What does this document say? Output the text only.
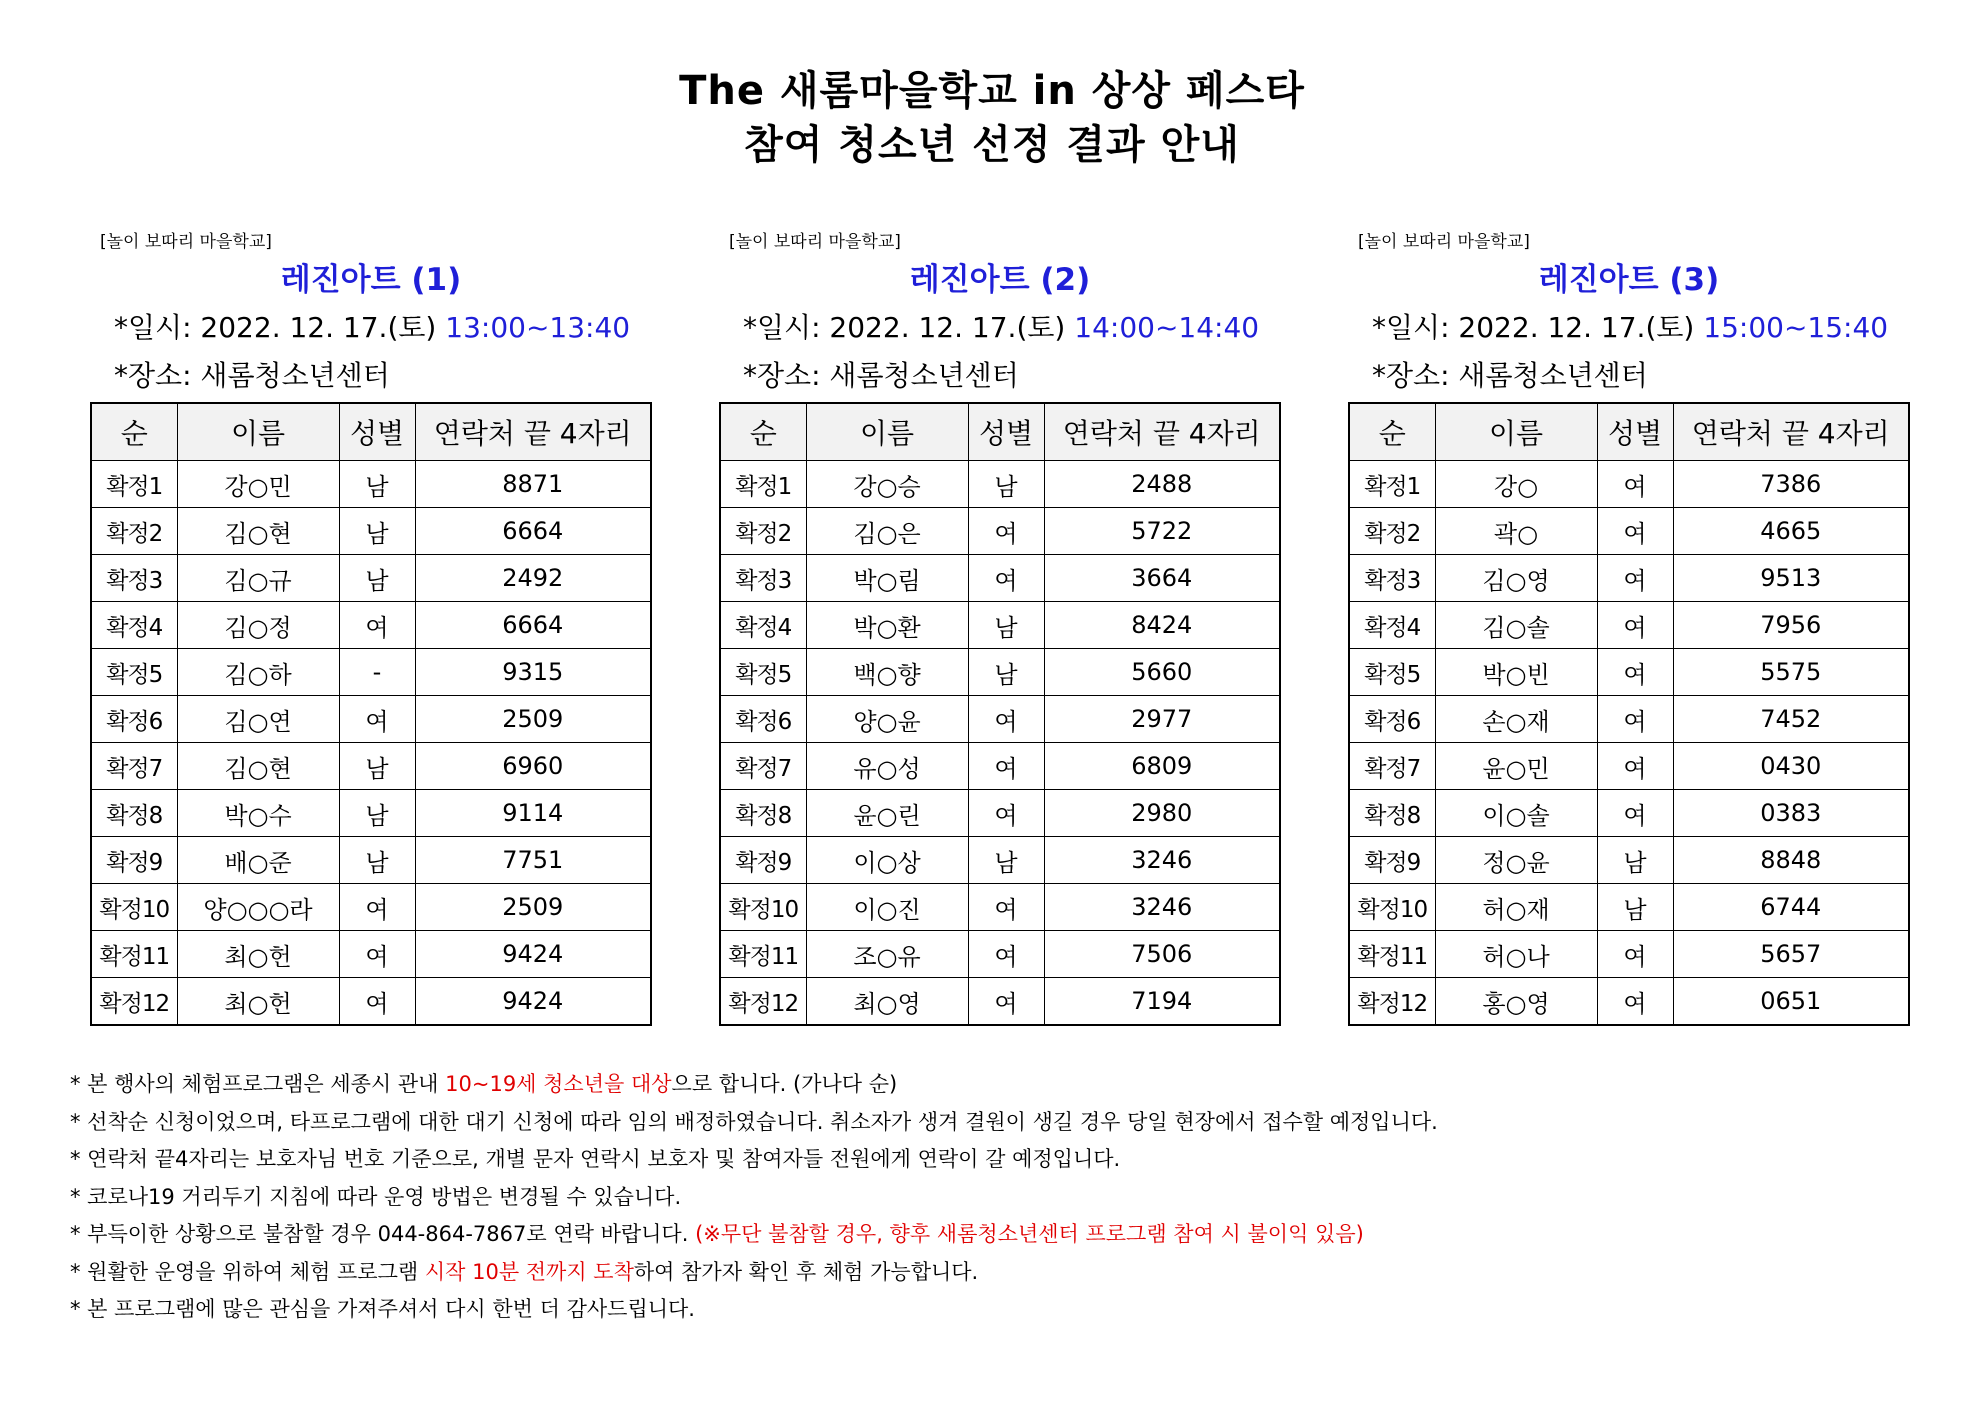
The 새롬마을학교 in 상상 페스타
참여 청소년 선정 결과 안내
[놀이 보따리 마을학교]
레진아트 (1)
*일시: 2022. 12. 17.(토) 13:00~13:40
*장소: 새롬청소년센터
순	이름	성별	연락처 끝 4자리
확정1	강○민	남	8871
확정2	김○현	남	6664
확정3	김○규	남	2492
확정4	김○정	여	6664
확정5	김○하	-	9315
확정6	김○연	여	2509
확정7	김○현	남	6960
확정8	박○수	남	9114
확정9	배○준	남	7751
확정10	양○○○라	여	2509
확정11	최○헌	여	9424
확정12	최○헌	여	9424
[놀이 보따리 마을학교]
레진아트 (2)
*일시: 2022. 12. 17.(토) 14:00~14:40
*장소: 새롬청소년센터
순	이름	성별	연락처 끝 4자리
확정1	강○승	남	2488
확정2	김○은	여	5722
확정3	박○림	여	3664
확정4	박○환	남	8424
확정5	백○향	남	5660
확정6	양○윤	여	2977
확정7	유○성	여	6809
확정8	윤○린	여	2980
확정9	이○상	남	3246
확정10	이○진	여	3246
확정11	조○유	여	7506
확정12	최○영	여	7194
[놀이 보따리 마을학교]
레진아트 (3)
*일시: 2022. 12. 17.(토) 15:00~15:40
*장소: 새롬청소년센터
순	이름	성별	연락처 끝 4자리
확정1	강○	여	7386
확정2	곽○	여	4665
확정3	김○영	여	9513
확정4	김○솔	여	7956
확정5	박○빈	여	5575
확정6	손○재	여	7452
확정7	윤○민	여	0430
확정8	이○솔	여	0383
확정9	정○윤	남	8848
확정10	허○재	남	6744
확정11	허○나	여	5657
확정12	홍○영	여	0651
* 본 행사의 체험프로그램은 세종시 관내 10~19세 청소년을 대상으로 합니다. (가나다 순)
* 선착순 신청이었으며, 타프로그램에 대한 대기 신청에 따라 임의 배정하였습니다. 취소자가 생겨 결원이 생길 경우 당일 현장에서 접수할 예정입니다.
* 연락처 끝4자리는 보호자님 번호 기준으로, 개별 문자 연락시 보호자 및 참여자들 전원에게 연락이 갈 예정입니다.
* 코로나19 거리두기 지침에 따라 운영 방법은 변경될 수 있습니다.
* 부득이한 상황으로 불참할 경우 044-864-7867로 연락 바랍니다. (※무단 불참할 경우, 향후 새롬청소년센터 프로그램 참여 시 불이익 있음)
* 원활한 운영을 위하여 체험 프로그램 시작 10분 전까지 도착하여 참가자 확인 후 체험 가능합니다.
* 본 프로그램에 많은 관심을 가져주셔서 다시 한번 더 감사드립니다.
